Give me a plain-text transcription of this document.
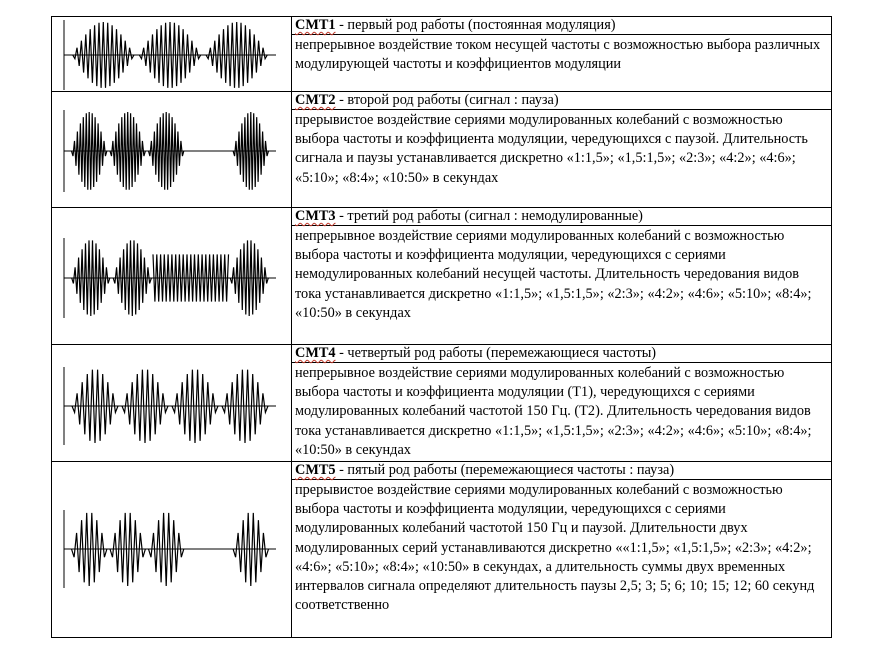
СМТ1 - первый род работы (постоянная модуляция)
непрерывное воздействие током несущей частоты с возможностью выбора различных модулирующей частоты и коэффициентов модуляции

СМТ2 - второй род работы (сигнал : пауза)
прерывистое воздействие сериями модулированных колебаний с возможностью выбора частоты и коэффициента модуляции, чередующихся с паузой. Длительность сигнала и паузы устанавливается дискретно «1:1,5»; «1,5:1,5»; «2:3»; «4:2»; «4:6»; «5:10»; «8:4»; «10:50» в секундах

СМТ3 - третий род работы (сигнал : немодулированные)
непрерывное воздействие сериями модулированных колебаний с возможностью выбора частоты и коэффициента модуляции, чередующихся с сериями немодулированных колебаний несущей частоты. Длительность чередования видов тока устанавливается дискретно «1:1,5»; «1,5:1,5»; «2:3»; «4:2»; «4:6»; «5:10»; «8:4»; «10:50» в секундах

СМТ4 - четвертый род работы (перемежающиеся частоты)
непрерывное воздействие сериями модулированных колебаний с возможностью выбора частоты и коэффициента модуляции (Т1), чередующихся с сериями модулированных колебаний частотой 150 Гц. (Т2). Длительность чередования видов тока устанавливается дискретно «1:1,5»; «1,5:1,5»; «2:3»; «4:2»; «4:6»; «5:10»; «8:4»; «10:50» в секундах

СМТ5 - пятый род работы (перемежающиеся частоты : пауза)
прерывистое воздействие сериями модулированных колебаний с возможностью выбора частоты и коэффициента модуляции, чередующихся с сериями модулированных колебаний частотой 150 Гц и паузой. Длительности двух модулированных серий устанавливаются дискретно ««1:1,5»; «1,5:1,5»; «2:3»; «4:2»; «4:6»; «5:10»; «8:4»; «10:50» в секундах, а длительность суммы двух временных интервалов сигнала определяют длительность паузы 2,5; 3; 5; 6; 10; 15; 12; 60 секунд соответственно
